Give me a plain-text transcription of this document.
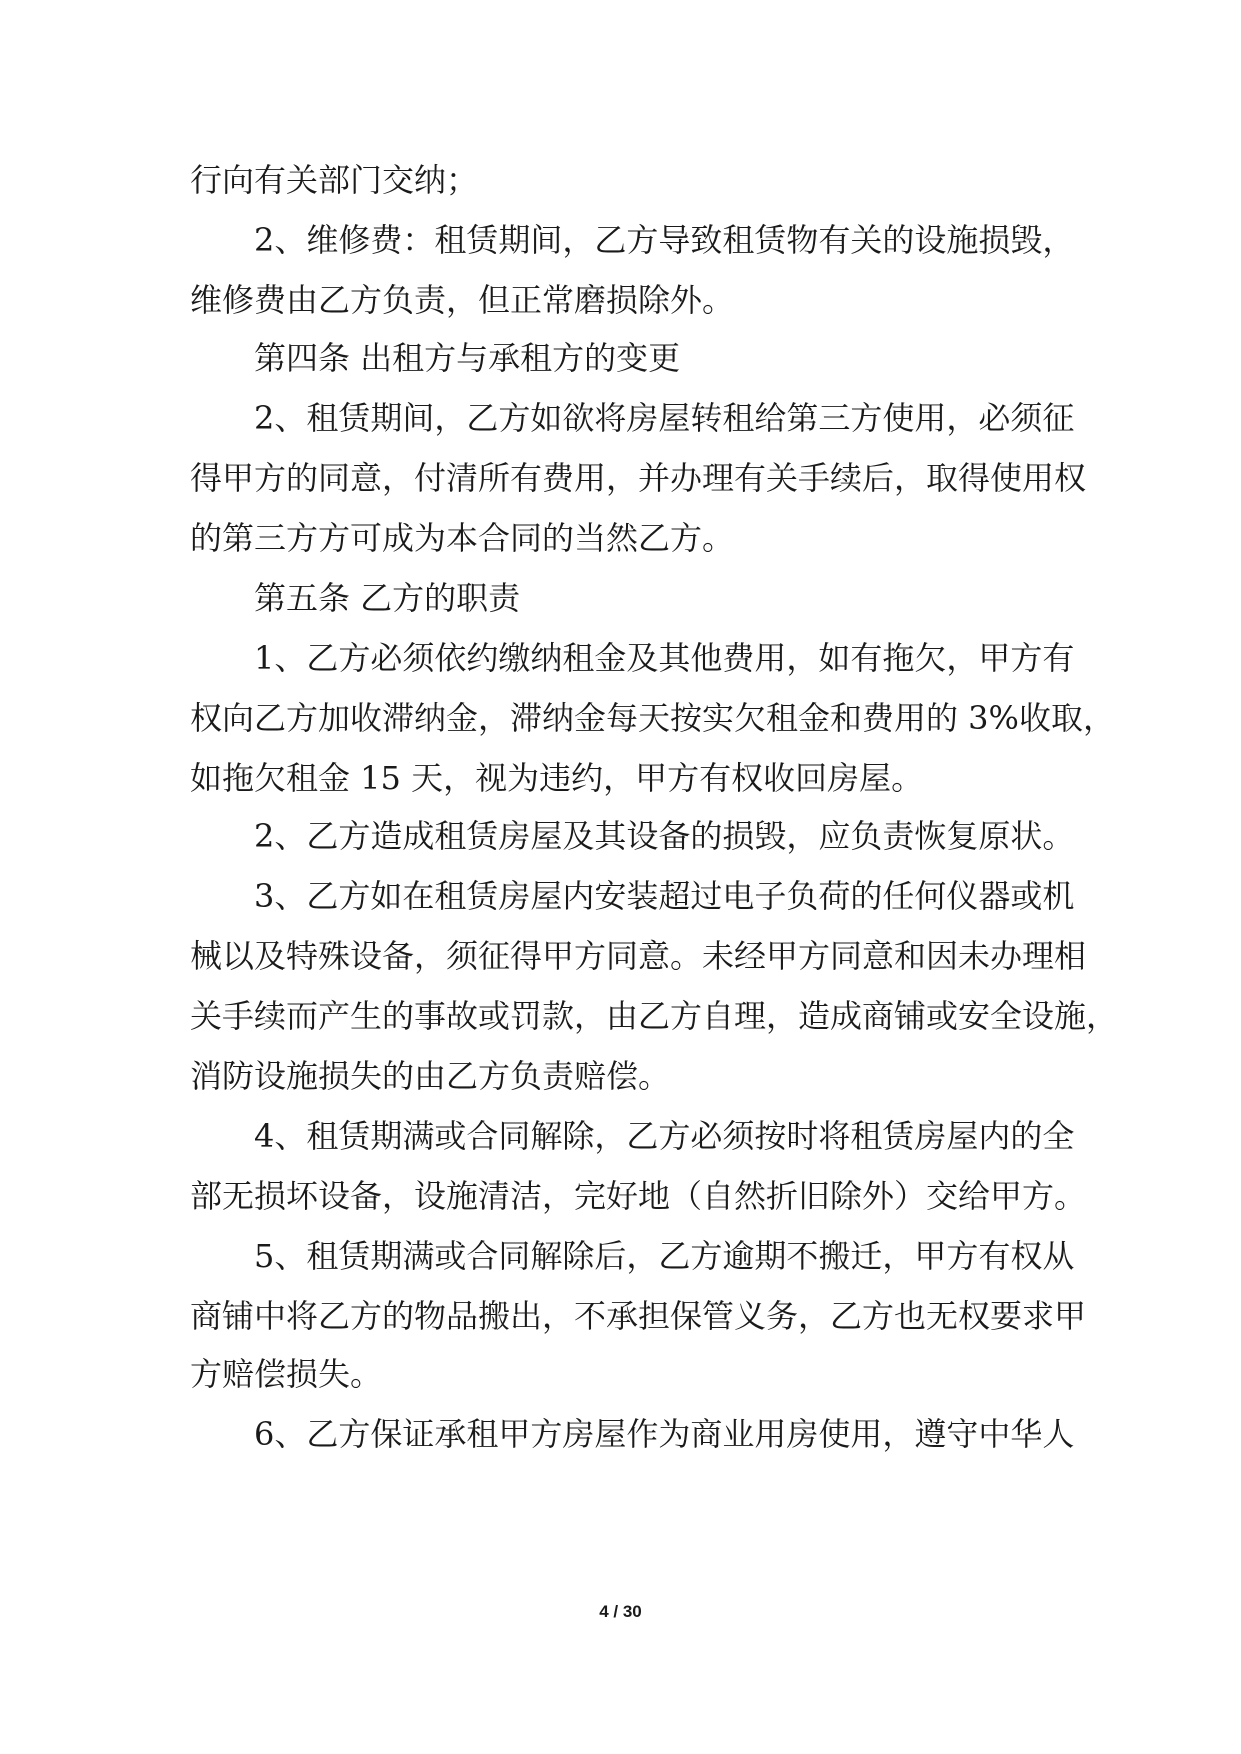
行向有关部门交纳；
2、维修费：租赁期间，乙方导致租赁物有关的设施损毁，
维修费由乙方负责，但正常磨损除外。
第四条 出租方与承租方的变更
2、租赁期间，乙方如欲将房屋转租给第三方使用，必须征
得甲方的同意，付清所有费用，并办理有关手续后，取得使用权
的第三方方可成为本合同的当然乙方。
第五条 乙方的职责
1、乙方必须依约缴纳租金及其他费用，如有拖欠，甲方有
权向乙方加收滞纳金，滞纳金每天按实欠租金和费用的 3%收取，
如拖欠租金 15 天，视为违约，甲方有权收回房屋。
2、乙方造成租赁房屋及其设备的损毁，应负责恢复原状。
3、乙方如在租赁房屋内安装超过电子负荷的任何仪器或机
械以及特殊设备，须征得甲方同意。未经甲方同意和因未办理相
关手续而产生的事故或罚款，由乙方自理，造成商铺或安全设施，
消防设施损失的由乙方负责赔偿。
4、租赁期满或合同解除，乙方必须按时将租赁房屋内的全
部无损坏设备，设施清洁，完好地（自然折旧除外）交给甲方。
5、租赁期满或合同解除后，乙方逾期不搬迁，甲方有权从
商铺中将乙方的物品搬出，不承担保管义务，乙方也无权要求甲
方赔偿损失。
6、乙方保证承租甲方房屋作为商业用房使用，遵守中华人
4 / 30
